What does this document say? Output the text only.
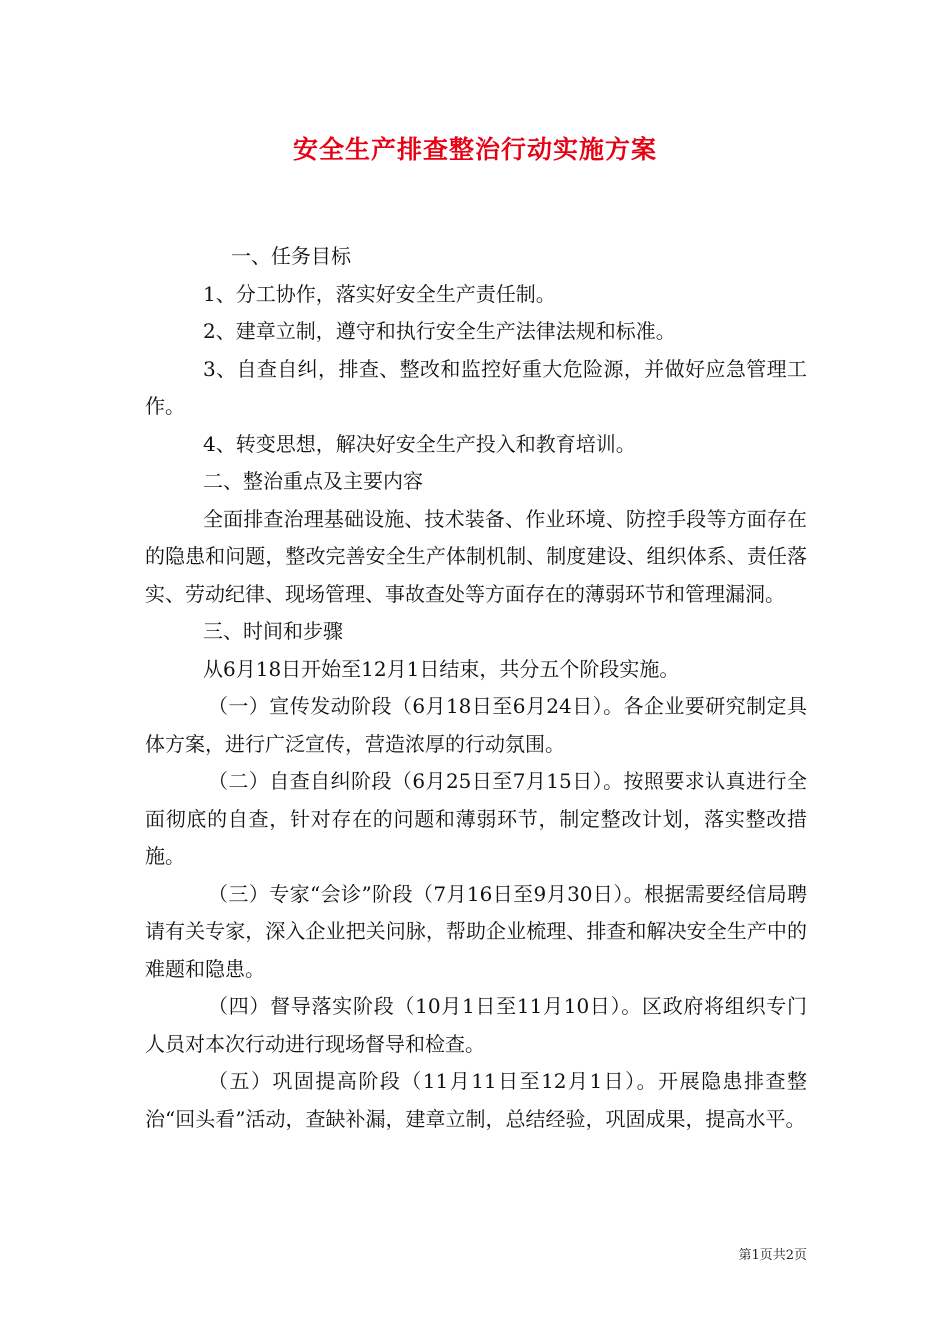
安全生产排查整治行动实施方案

一、任务目标

1、分工协作，落实好安全生产责任制。

2、建章立制，遵守和执行安全生产法律法规和标准。

3、自查自纠，排查、整改和监控好重大危险源，并做好应急管理工作。

4、转变思想，解决好安全生产投入和教育培训。

二、整治重点及主要内容

全面排查治理基础设施、技术装备、作业环境、防控手段等方面存在的隐患和问题，整改完善安全生产体制机制、制度建设、组织体系、责任落实、劳动纪律、现场管理、事故查处等方面存在的薄弱环节和管理漏洞。

三、时间和步骤

从6月18日开始至12月1日结束，共分五个阶段实施。

（一）宣传发动阶段（6月18日至6月24日）。各企业要研究制定具体方案，进行广泛宣传，营造浓厚的行动氛围。

（二）自查自纠阶段（6月25日至7月15日）。按照要求认真进行全面彻底的自查，针对存在的问题和薄弱环节，制定整改计划，落实整改措施。

（三）专家“会诊”阶段（7月16日至9月30日）。根据需要经信局聘请有关专家，深入企业把关问脉，帮助企业梳理、排查和解决安全生产中的难题和隐患。

（四）督导落实阶段（10月1日至11月10日）。区政府将组织专门人员对本次行动进行现场督导和检查。

（五）巩固提高阶段（11月11日至12月1日）。开展隐患排查整治“回头看”活动，查缺补漏，建章立制，总结经验，巩固成果，提高水平。

第1页共2页
